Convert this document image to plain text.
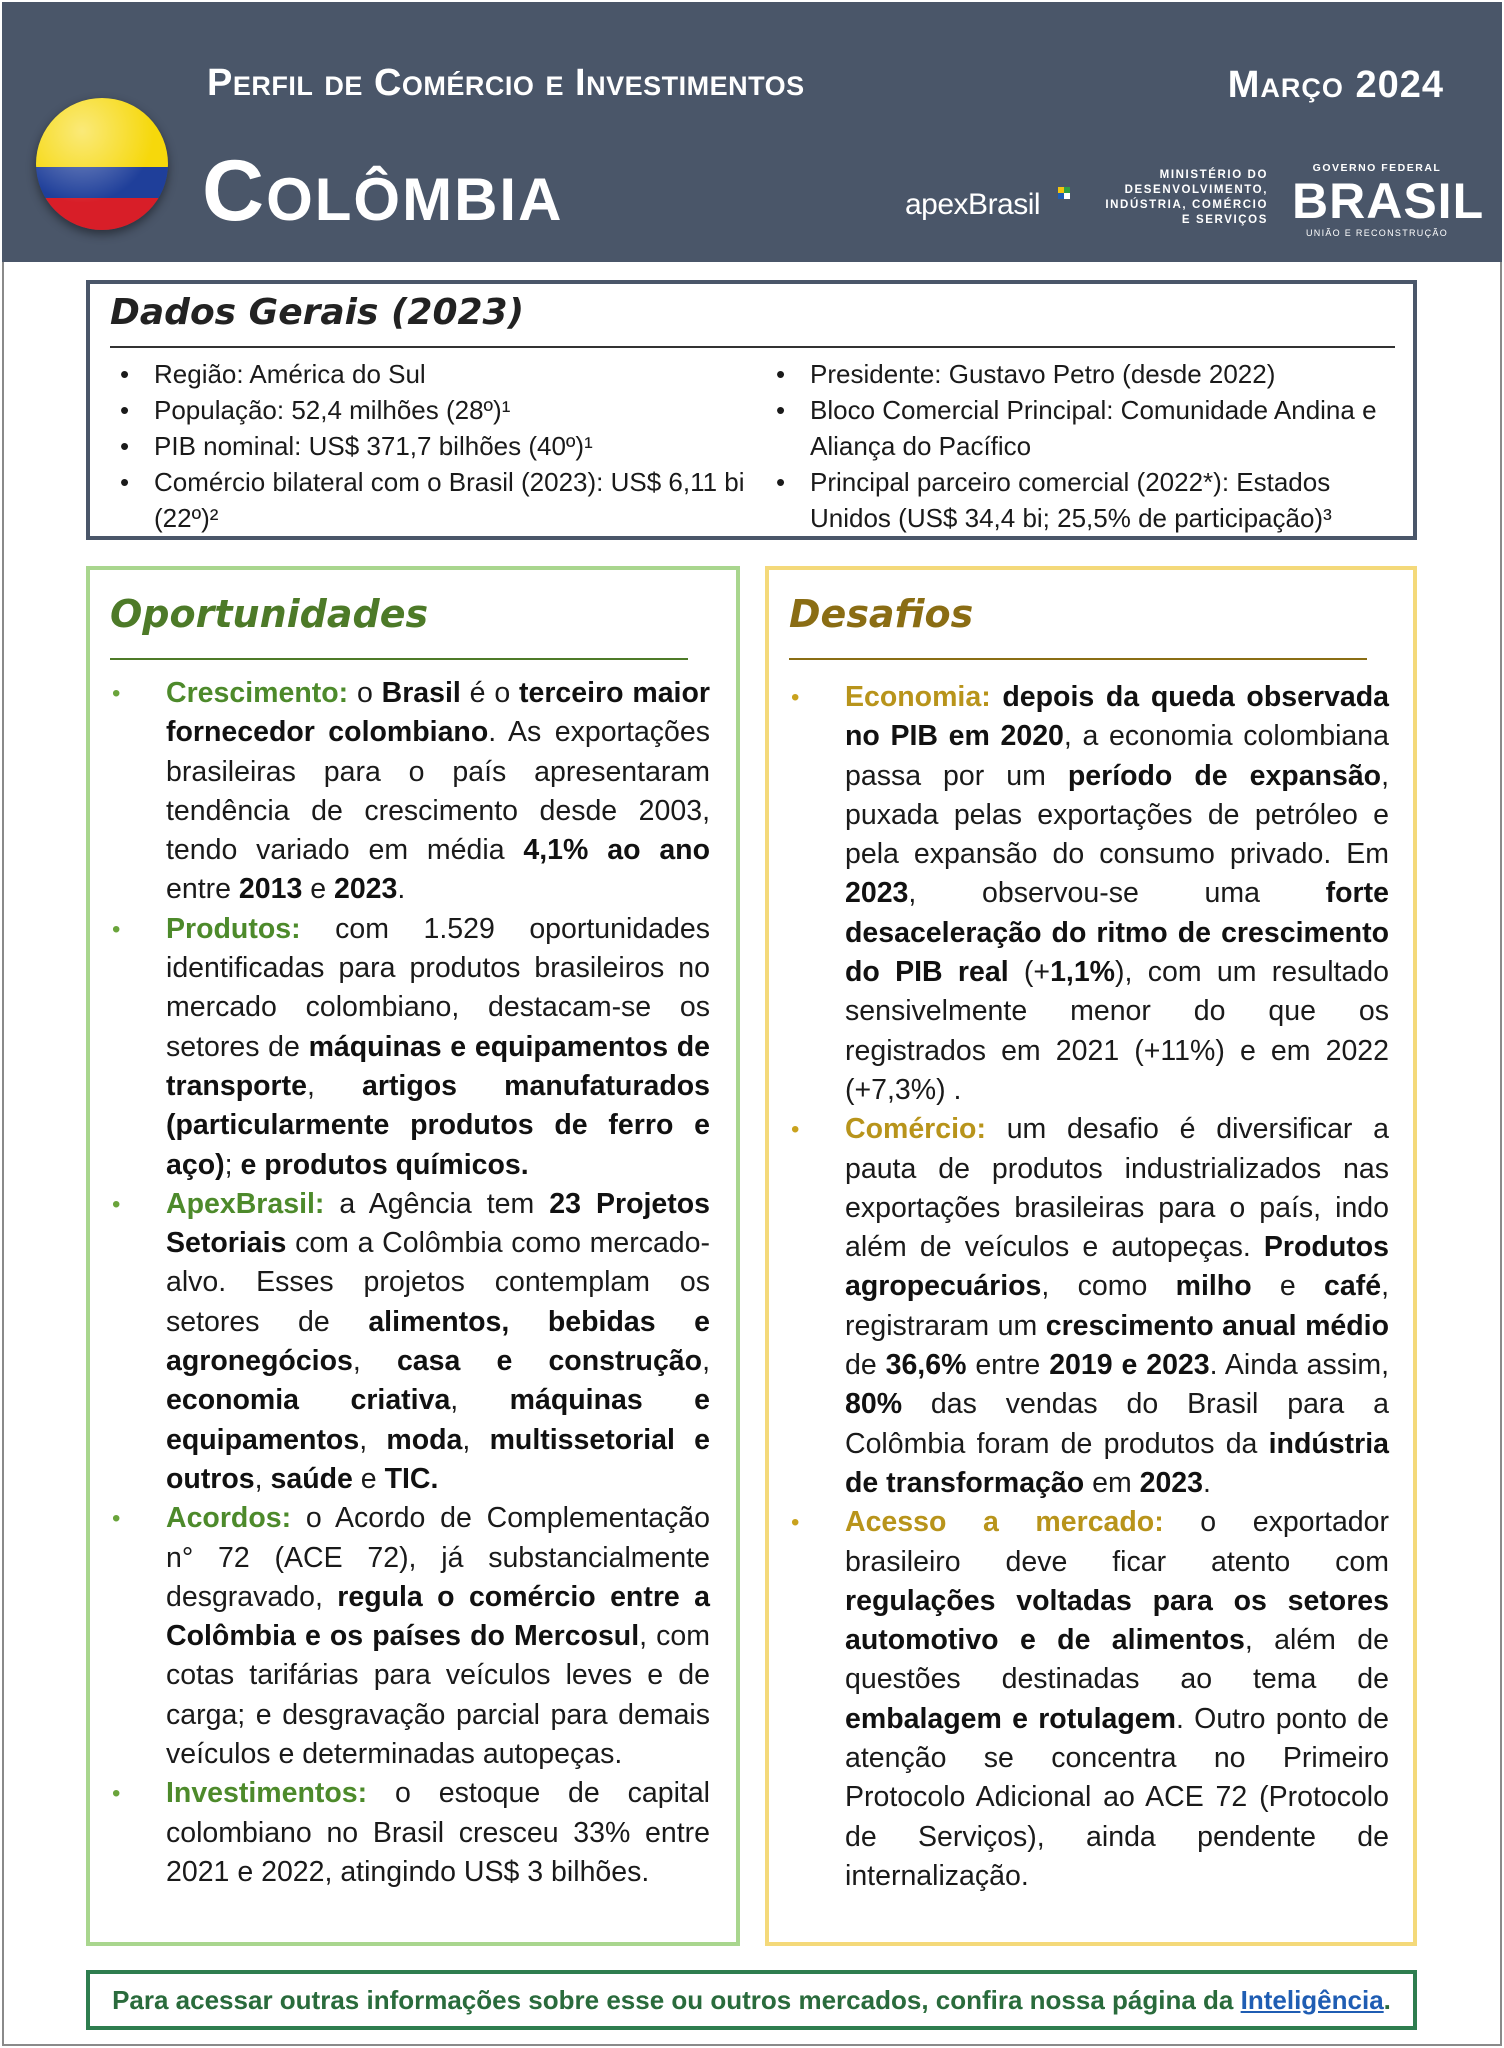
Perfil de Comércio e Investimentos	Março 2024
Colômbia	apexBrasil
MINISTÉRIO DO
DESENVOLVIMENTO,
INDÚSTRIA, COMÉRCIO
E SERVIÇOS
GOVERNO FEDERAL
BRASIL
UNIÃO E RECONSTRUÇÃO
Dados Gerais (2023)
• Região: América do Sul
• População: 52,4 milhões (28º)¹
• PIB nominal: US$ 371,7 bilhões (40º)¹
• Comércio bilateral com o Brasil (2023): US$ 6,11 bi (22º)²
• Presidente: Gustavo Petro (desde 2022)
• Bloco Comercial Principal: Comunidade Andina e Aliança do Pacífico
• Principal parceiro comercial (2022*): Estados Unidos (US$ 34,4 bi; 25,5% de participação)³
Oportunidades
• Crescimento: o Brasil é o terceiro maior fornecedor colombiano. As exportações brasileiras para o país apresentaram tendência de crescimento desde 2003, tendo variado em média 4,1% ao ano entre 2013 e 2023.
• Produtos: com 1.529 oportunidades identificadas para produtos brasileiros no mercado colombiano, destacam-se os setores de máquinas e equipamentos de transporte, artigos manufaturados (particularmente produtos de ferro e aço); e produtos químicos.
• ApexBrasil: a Agência tem 23 Projetos Setoriais com a Colômbia como mercado-alvo. Esses projetos contemplam os setores de alimentos, bebidas e agronegócios, casa e construção, economia criativa, máquinas e equipamentos, moda, multissetorial e outros, saúde e TIC.
• Acordos: o Acordo de Complementação n° 72 (ACE 72), já substancialmente desgravado, regula o comércio entre a Colômbia e os países do Mercosul, com cotas tarifárias para veículos leves e de carga; e desgravação parcial para demais veículos e determinadas autopeças.
• Investimentos: o estoque de capital colombiano no Brasil cresceu 33% entre 2021 e 2022, atingindo US$ 3 bilhões.
Desafios
• Economia: depois da queda observada no PIB em 2020, a economia colombiana passa por um período de expansão, puxada pelas exportações de petróleo e pela expansão do consumo privado. Em 2023, observou-se uma forte desaceleração do ritmo de crescimento do PIB real (+1,1%), com um resultado sensivelmente menor do que os registrados em 2021 (+11%) e em 2022 (+7,3%) .
• Comércio: um desafio é diversificar a pauta de produtos industrializados nas exportações brasileiras para o país, indo além de veículos e autopeças. Produtos agropecuários, como milho e café, registraram um crescimento anual médio de 36,6% entre 2019 e 2023. Ainda assim, 80% das vendas do Brasil para a Colômbia foram de produtos da indústria de transformação em 2023.
• Acesso a mercado: o exportador brasileiro deve ficar atento com regulações voltadas para os setores automotivo e de alimentos, além de questões destinadas ao tema de embalagem e rotulagem. Outro ponto de atenção se concentra no Primeiro Protocolo Adicional ao ACE 72 (Protocolo de Serviços), ainda pendente de internalização.
Para acessar outras informações sobre esse ou outros mercados, confira nossa página da Inteligência.
